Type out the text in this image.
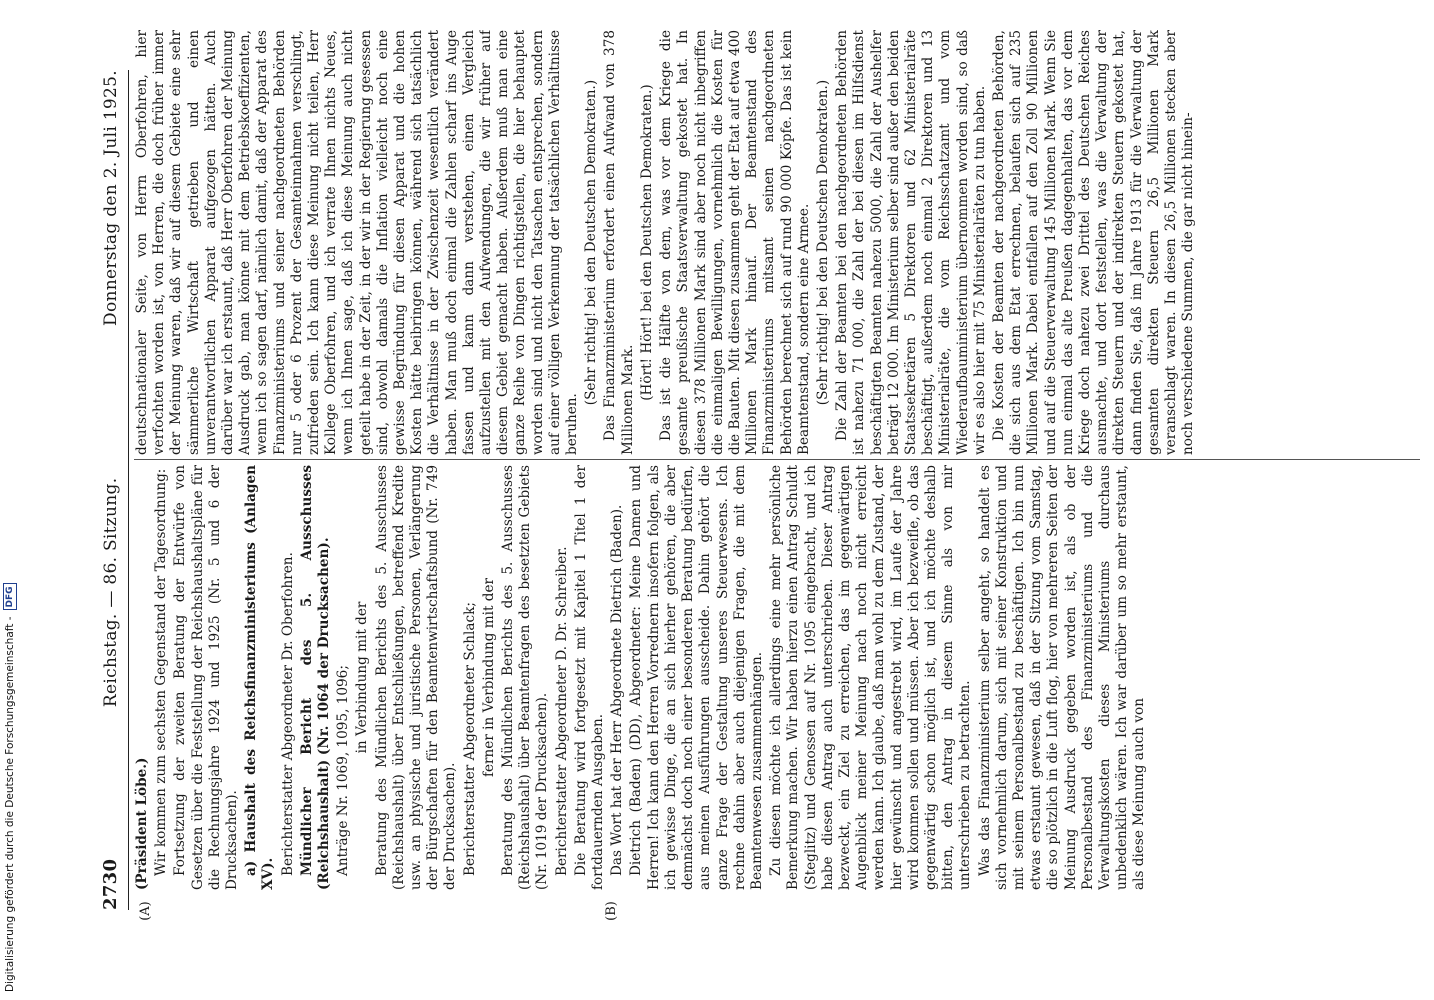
2730
Reichstag. — 86. Sitzung.
Donnerstag den 2. Juli 1925.
(A)	(B)

(Präsident Löbe.) Wir kommen zum sechsten Gegenstand der Tagesordnung: Fortsetzung der zweiten Beratung der Entwürfe von Gesetzen über die Feststellung der Reichshaushaltspläne für die Rechnungsjahre 1924 und 1925 (Nr. 5 und 6 der Drucksachen). a) Haushalt des Reichsfinanzministeriums (Anlagen XV). Berichterstatter Abgeordneter Dr. Oberfohren. Mündlicher Bericht des 5. Ausschusses (Reichshaushalt) (Nr. 1064 der Drucksachen). Anträge Nr. 1069, 1095, 1096; in Verbindung mit der Beratung des Mündlichen Berichts des 5. Ausschusses (Reichshaushalt) über Entschließungen, betreffend Kredite usw. an physische und juristische Personen, Verlängerung der Bürgschaften für den Beamtenwirtschaftsbund (Nr. 749 der Drucksachen). Berichterstatter Abgeordneter Schlack; ferner in Verbindung mit der Beratung des Mündlichen Berichts des 5. Ausschusses (Reichshaushalt) über Beamtenfragen des besetzten Gebiets (Nr. 1019 der Drucksachen). Berichterstatter Abgeordneter D. Dr. Schreiber. Die Beratung wird fortgesetzt mit Kapitel 1 Titel 1 der fortdauernden Ausgaben. Das Wort hat der Herr Abgeordnete Dietrich (Baden). Dietrich (Baden) (DD), Abgeordneter: Meine Damen und Herren! Ich kann den Herren Vorrednern insofern folgen, als ich gewisse Dinge, die an sich hierher gehören, die aber demnächst doch noch einer besonderen Beratung bedürfen, aus meinen Ausführungen ausscheide. Dahin gehört die ganze Frage der Gestaltung unseres Steuerwesens. Ich rechne dahin aber auch diejenigen Fragen, die mit dem Beamtenwesen zusammenhängen. Zu diesen möchte ich allerdings eine mehr persönliche Bemerkung machen. Wir haben hierzu einen Antrag Schuldt (Steglitz) und Genossen auf Nr. 1095 eingebracht, und ich habe diesen Antrag auch unterschrieben. Dieser Antrag bezweckt, ein Ziel zu erreichen, das im gegenwärtigen Augenblick meiner Meinung nach noch nicht erreicht werden kann. Ich glaube, daß man wohl zu dem Zustand, der hier gewünscht und angestrebt wird, im Laufe der Jahre wird kommen sollen und müssen. Aber ich bezweifle, ob das gegenwärtig schon möglich ist, und ich möchte deshalb bitten, den Antrag in diesem Sinne als von mir unterschrieben zu betrachten. Was das Finanzministerium selber angeht, so handelt es sich vornehmlich darum, sich mit seiner Konstruktion und mit seinem Personalbestand zu beschäftigen. Ich bin nun etwas erstaunt gewesen, daß in der Sitzung vom Samstag, die so plötzlich in die Luft flog, hier von mehreren Seiten der Meinung Ausdruck gegeben worden ist, als ob der Personalbestand des Finanzministeriums und die Verwaltungskosten dieses Ministeriums durchaus unbedenklich wären. Ich war darüber um so mehr erstaunt, als diese Meinung auch von

deutschnationaler Seite, von Herrn Oberfohren, hier verfochten worden ist, von Herren, die doch früher immer der Meinung waren, daß wir auf diesem Gebiete eine sehr sämmerliche Wirtschaft getrieben und einen unverantwortlichen Apparat aufgezogen hätten. Auch darüber war ich erstaunt, daß Herr Oberfohren der Meinung Ausdruck gab, man könne mit dem Betriebskoeffizienten, wenn ich so sagen darf, nämlich damit, daß der Apparat des Finanzministeriums und seiner nachgeordneten Behörden nur 5 oder 6 Prozent der Gesamteinnahmen verschlingt, zufrieden sein. Ich kann diese Meinung nicht teilen, Herr Kollege Oberfohren, und ich verrate Ihnen nichts Neues, wenn ich Ihnen sage, daß ich diese Meinung auch nicht geteilt habe in der Zeit, in der wir in der Regierung gesessen sind, obwohl damals die Inflation vielleicht noch eine gewisse Begründung für diesen Apparat und die hohen Kosten hätte beibringen können, während sich tatsächlich die Verhältnisse in der Zwischenzeit wesentlich verändert haben. Man muß doch einmal die Zahlen scharf ins Auge fassen und kann dann verstehen, einen Vergleich aufzustellen mit den Aufwendungen, die wir früher auf diesem Gebiet gemacht haben. Außerdem muß man eine ganze Reihe von Dingen richtigstellen, die hier behauptet worden sind und nicht den Tatsachen entsprechen, sondern auf einer völligen Verkennung der tatsächlichen Verhältnisse beruhen.

(Sehr richtig! bei den Deutschen Demokraten.) Das Finanzministerium erfordert einen Aufwand von 378 Millionen Mark. (Hört! Hört! bei den Deutschen Demokraten.) Das ist die Hälfte von dem, was vor dem Kriege die gesamte preußische Staatsverwaltung gekostet hat. In diesen 378 Millionen Mark sind aber noch nicht inbegriffen die einmaligen Bewilligungen, vornehmlich die Kosten für die Bauten. Mit diesen zusammen geht der Etat auf etwa 400 Millionen Mark hinauf. Der Beamtenstand des Finanzministeriums mitsamt seinen nachgeordneten Behörden berechnet sich auf rund 90 000 Köpfe. Das ist kein Beamtenstand, sondern eine Armee. (Sehr richtig! bei den Deutschen Demokraten.) Die Zahl der Beamten bei den nachgeordneten Behörden ist nahezu 71 000, die Zahl der bei diesen im Hilfsdienst beschäftigten Beamten nahezu 5000, die Zahl der Aushelfer beträgt 12 000. Im Ministerium selber sind außer den beiden Staatssekretären 5 Direktoren und 62 Ministerialräte beschäftigt, außerdem noch einmal 2 Direktoren und 13 Ministerialräte, die vom Reichsschatzamt und vom Wiederaufbauministerium übernommen worden sind, so daß wir es also hier mit 75 Ministerialräten zu tun haben. Die Kosten der Beamten der nachgeordneten Behörden, die sich aus dem Etat errechnen, belaufen sich auf 235 Millionen Mark. Dabei entfallen auf den Zoll 90 Millionen und auf die Steuerverwaltung 145 Millionen Mark. Wenn Sie nun einmal das alte Preußen dagegenhalten, das vor dem Kriege doch nahezu zwei Drittel des Deutschen Reiches ausmachte, und dort feststellen, was die Verwaltung der direkten Steuern und der indirekten Steuern gekostet hat, dann finden Sie, daß im Jahre 1913 für die Verwaltung der gesamten direkten Steuern 26,5 Millionen Mark veranschlagt waren. In diesen 26,5 Millionen stecken aber noch verschiedene Summen, die gar nicht hinein-

Digitalisierung gefördert durch die Deutsche Forschungsgemeinschaft -
DFG
